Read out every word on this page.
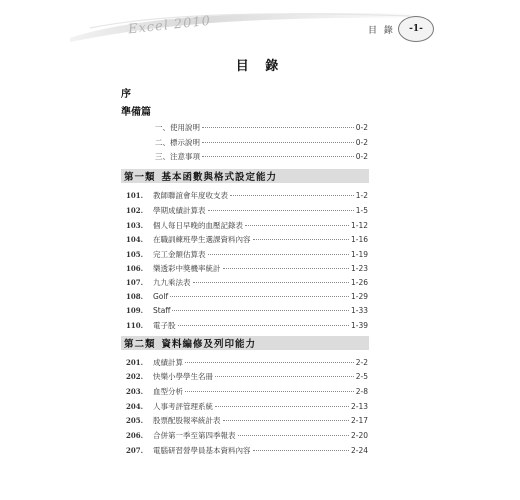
Excel 2010	目 錄 -1-
目 錄
序
準備篇
一、使用說明	0-2
二、標示說明	0-2
三、注意事項	0-2
第一類 基本函數與格式設定能力
101.	教師聯誼會年度收支表	1-2
102.	學期成績計算表	1-5
103.	個人每日早晚的血壓記錄表	1-12
104.	在職訓練班學生選課資料內容	1-16
105.	完工金額估算表	1-19
106.	樂透彩中獎機率統計	1-23
107.	九九乘法表	1-26
108.	Golf	1-29
109.	Staff	1-33
110.	電子股	1-39
第二類 資料編修及列印能力
201.	成績計算	2-2
202.	快樂小學學生名冊	2-5
203.	血型分析	2-8
204.	人事考評管理系統	2-13
205.	股票配股報率統計表	2-17
206.	合併第一季至第四季報表	2-20
207.	電腦研習營學員基本資料內容	2-24
